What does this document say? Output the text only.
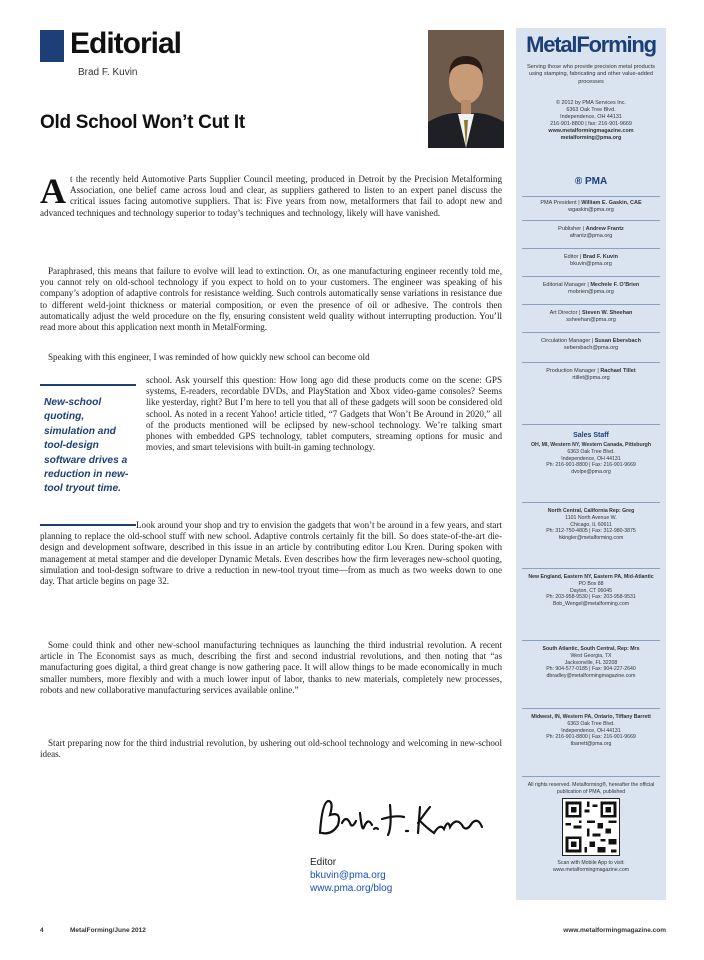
Editorial
Brad F. Kuvin
Old School Won’t Cut It
At the recently held Automotive Parts Supplier Council meeting, produced in Detroit by the Precision Metalforming Association, one belief came across loud and clear, as suppliers gathered to listen to an expert panel discuss the critical issues facing automotive suppliers. That is: Five years from now, metalformers that fail to adopt new and advanced techniques and technology superior to today’s techniques and technology, likely will have vanished.
Paraphrased, this means that failure to evolve will lead to extinction. Or, as one manufacturing engineer recently told me, you cannot rely on old-school technology if you expect to hold on to your customers. The engineer was speaking of his company’s adoption of adaptive controls for resistance welding. Such controls automatically sense variations in resistance due to different weld-joint thickness or material composition, or even the presence of oil or adhesive. The controls then automatically adjust the weld procedure on the fly, ensuring consistent weld quality without interrupting production. You’ll read more about this application next month in MetalForming.
Speaking with this engineer, I was reminded of how quickly new school can become old
school. Ask yourself this question: How long ago did these products come on the scene: GPS systems, E-readers, recordable DVDs, and PlayStation and Xbox video-game consoles? Seems like yesterday, right? But I’m here to tell you that all of these gadgets will soon be considered old school. As noted in a recent Yahoo! article titled, “7 Gadgets that Won’t Be Around in 2020,” all of the products mentioned will be eclipsed by new-school technology. We’re talking smart phones with embedded GPS technology, tablet computers, streaming options for music and movies, and smart televisions with built-in gaming technology.
New-school quoting, simulation and tool-design software drives a reduction in new-tool tryout time.
Look around your shop and try to envision the gadgets that won’t be around in a few years, and start planning to replace the old-school stuff with new school. Adaptive controls certainly fit the bill. So does state-of-the-art die-design and development software, described in this issue in an article by contributing editor Lou Kren. During spoken with management at metal stamper and die developer Dynamic Metals. Even describes how the firm leverages new-school quoting, simulation and tool-design software to drive a reduction in new-tool tryout time—from as much as two weeks down to one day. That article begins on page 32.
Some could think and other new-school manufacturing techniques as launching the third industrial revolution. A recent article in The Economist says as much, describing the first and second industrial revolutions, and then noting that “as manufacturing goes digital, a third great change is now gathering pace. It will allow things to be made economically in much smaller numbers, more flexibly and with a much lower input of labor, thanks to new materials, completely new processes, robots and new collaborative manufacturing services available online.”
Start preparing now for the third industrial revolution, by ushering out old-school technology and welcoming in new-school ideas.
Editor
bkuvin@pma.org
www.pma.org/blog
4	MetalForming/June 2012	www.metalformingmagazine.com
MetalForming
Serving those who provide precision metal products using stamping, fabricating and other value-added processes
© 2012 by PMA Services Inc.
6363 Oak Tree Blvd.
Independence, OH 44131
216-901-8800 | fax: 216-901-9669
www.metalformingmagazine.com
metalforming@pma.org
® PMA
PMA President | William E. Gaskin, CAE
wgaskin@pma.org
Publisher | Andrew Frantz
afrantz@pma.org
Editor | Brad F. Kuvin
bkuvin@pma.org
Editorial Manager | Mechele F. O’Brien
mobrien@pma.org
Art Director | Steven W. Sheehan
ssheehan@pma.org
Circulation Manager | Susan Ebersbach
sebersbach@pma.org
Production Manager | Rachael Tillet
rtillet@pma.org
Sales Staff
OH, MI, Western NY, Western Canada, Pittsburgh
6363 Oak Tree Blvd.
Independence, OH 44131
Ph: 216-901-8800 | Fax: 216-901-9669
dvolpe@pma.org
North Central, California Rep: Greg
1101 North Avenue W.
Chicago, IL 60611
Ph: 312-750-4805 | Fax: 312-980-3875
hkingler@metalforming.com
New England, Eastern NY, Eastern PA, Mid-Atlantic
PO Box 88
Dayton, CT 06045
Ph: 203-958-9530 | Fax: 203-958-9531
Bob_Wengel@metalforming.com
South Atlantic, South Central, Rep: Mrs
West Georgia, TX
Jacksonville, FL 32208
Ph: 904-577-0185 | Fax: 904-227-2640
dbradley@metalformingmagazine.com
Midwest, IN, Western PA, Ontario, Tiffany Barrett
6363 Oak Tree Blvd.
Independence, OH 44131
Ph: 216-901-8800 | Fax: 216-901-9669
tbarrett@pma.org
All rights reserved. Metalforming®, hereafter the official publication of PMA, published
Scan with Mobile App to visit:
www.metalformingmagazine.com
